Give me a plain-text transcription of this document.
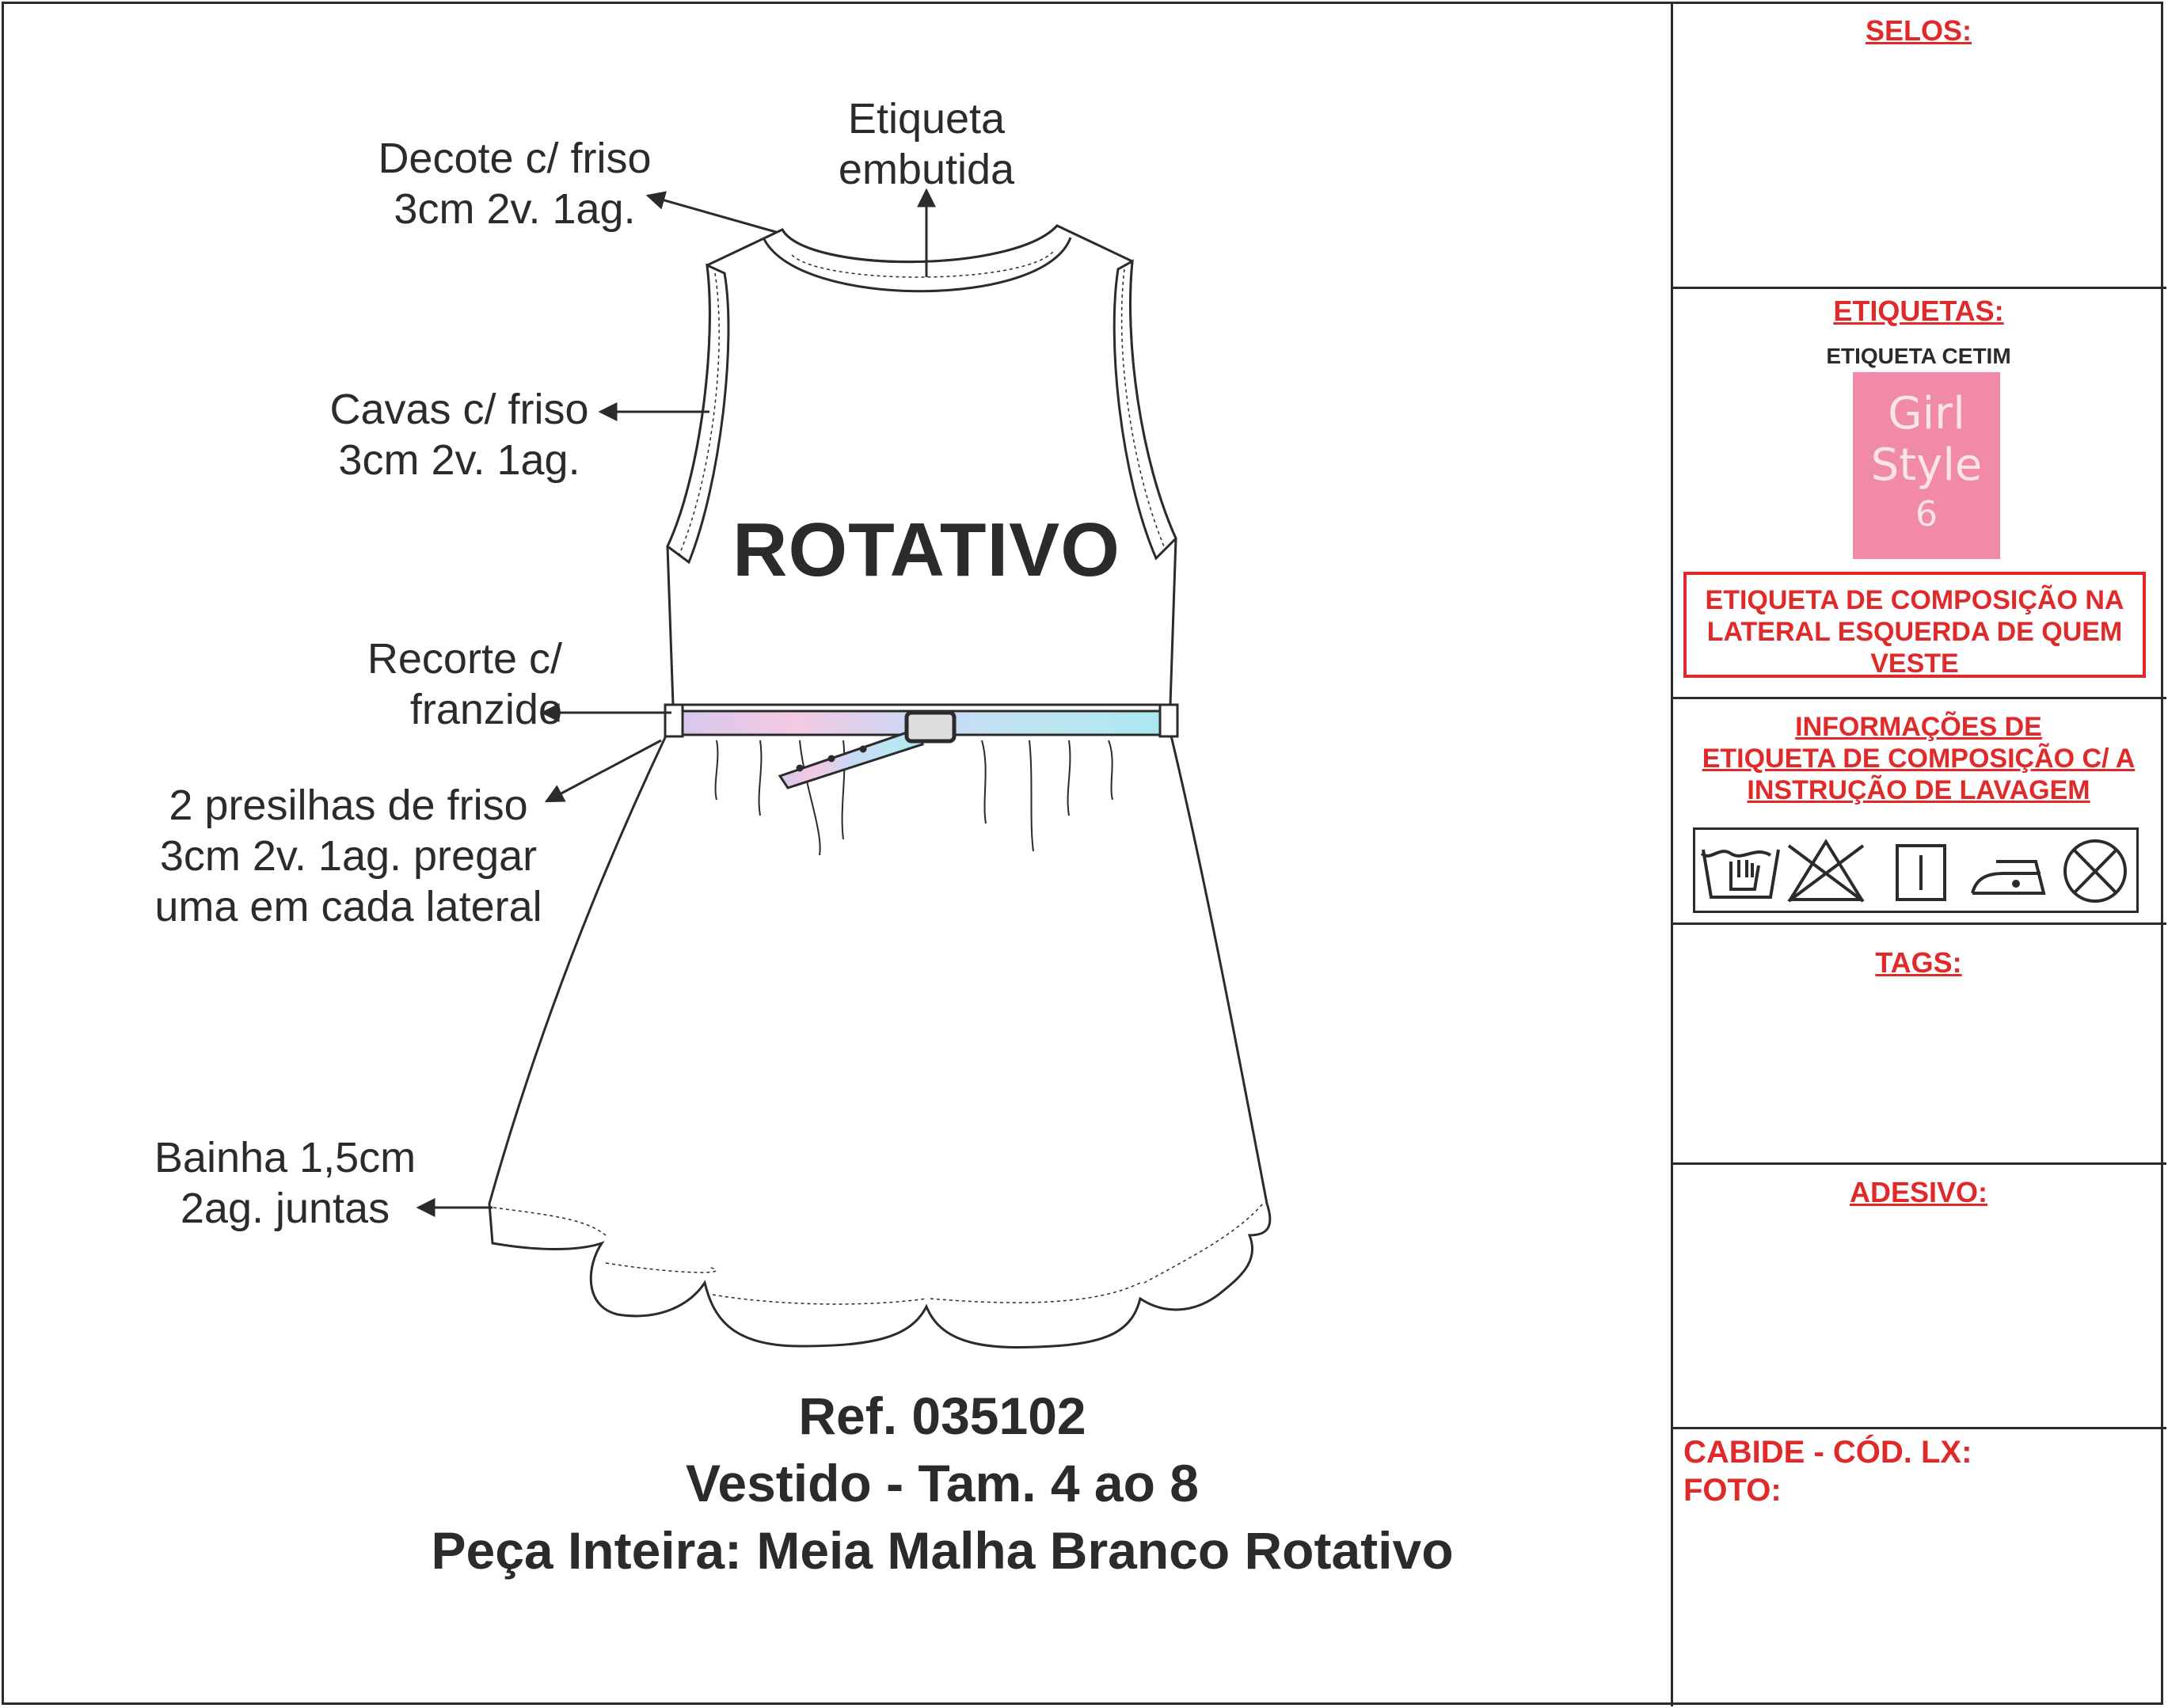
ROTATIVO
Etiqueta
embutida
Decote c/ friso
3cm 2v. 1ag.
Cavas c/ friso
3cm 2v. 1ag.
Recorte c/
franzido
2 presilhas de friso
3cm 2v. 1ag. pregar
uma em cada lateral
Bainha 1,5cm
2ag. juntas
Ref. 035102
Vestido - Tam. 4 ao 8
Peça Inteira: Meia Malha Branco Rotativo
SELOS:
ETIQUETAS:
ETIQUETA CETIM
Girl
Style
6
ETIQUETA DE COMPOSIÇÃO NA
LATERAL ESQUERDA DE QUEM
VESTE
INFORMAÇÕES DE
ETIQUETA DE COMPOSIÇÃO C/ A
INSTRUÇÃO DE LAVAGEM
TAGS:
ADESIVO:
CABIDE - CÓD. LX:
FOTO:
